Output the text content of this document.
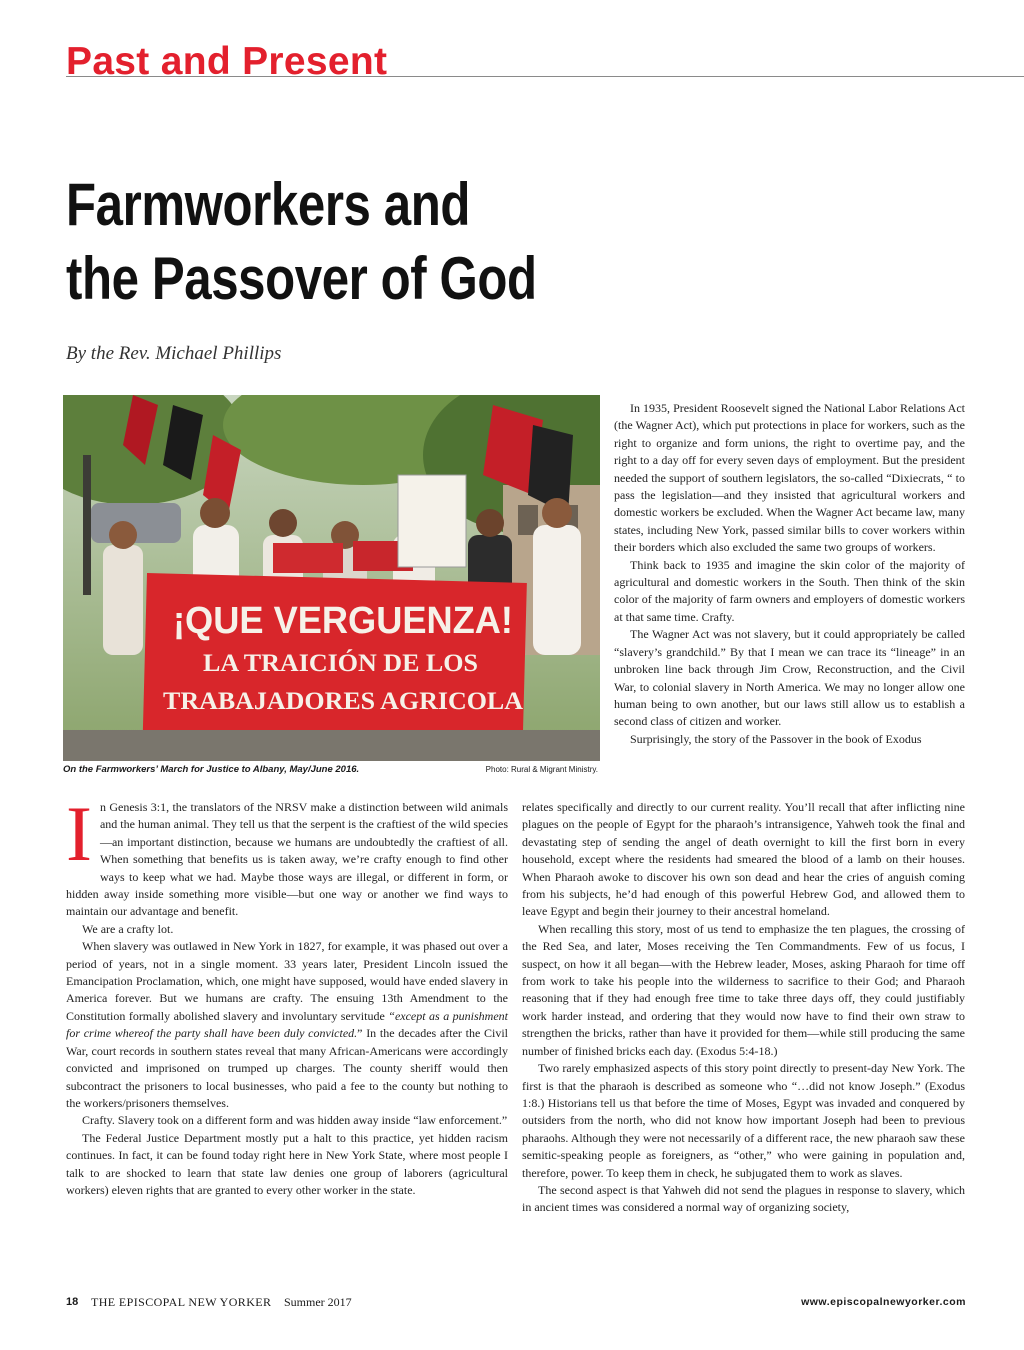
Past and Present
Farmworkers and
the Passover of God
By the Rev. Michael Phillips
¡QUE VERGUENZA!
LA TRAICIÓN DE LOS
TRABAJADORES AGRICOLA
On the Farmworkers’ March for Justice to Albany, May/June 2016.	Photo: Rural & Migrant Ministry.

In 1935, President Roosevelt signed the National Labor Relations Act (the Wagner Act), which put protections in place for workers, such as the right to organize and form unions, the right to overtime pay, and the right to a day off for every seven days of employment. But the president needed the support of southern legislators, the so-called “Dixiecrats, “ to pass the legislation—and they insisted that agricultural workers and domestic workers be excluded. When the Wagner Act became law, many states, including New York, passed similar bills to cover workers within their borders which also excluded the same two groups of workers.

Think back to 1935 and imagine the skin color of the majority of agricultural and domestic workers in the South. Then think of the skin color of the majority of farm owners and employers of domestic workers at that same time. Crafty.

The Wagner Act was not slavery, but it could appropriately be called “slavery’s grandchild.” By that I mean we can trace its “lineage” in an unbroken line back through Jim Crow, Reconstruction, and the Civil War, to colonial slavery in North America. We may no longer allow one human being to own another, but our laws still allow us to establish a second class of citizen and worker.

Surprisingly, the story of the Passover in the book of Exodus

In Genesis 3:1, the translators of the NRSV make a distinction between wild animals and the human animal. They tell us that the serpent is the craftiest of the wild species—an important distinction, because we humans are undoubtedly the craftiest of all. When something that benefits us is taken away, we’re crafty enough to find other ways to keep what we had. Maybe those ways are illegal, or different in form, or hidden away inside something more visible—but one way or another we find ways to maintain our advantage and benefit.

We are a crafty lot.

When slavery was outlawed in New York in 1827, for example, it was phased out over a period of years, not in a single moment. 33 years later, President Lincoln issued the Emancipation Proclamation, which, one might have supposed, would have ended slavery in America forever. But we humans are crafty. The ensuing 13th Amendment to the Constitution formally abolished slavery and involuntary servitude “except as a punishment for crime whereof the party shall have been duly convicted.” In the decades after the Civil War, court records in southern states reveal that many African-Americans were accordingly convicted and imprisoned on trumped up charges. The county sheriff would then subcontract the prisoners to local businesses, who paid a fee to the county but nothing to the workers/prisoners themselves.

Crafty. Slavery took on a different form and was hidden away inside “law enforcement.”

The Federal Justice Department mostly put a halt to this practice, yet hidden racism continues. In fact, it can be found today right here in New York State, where most people I talk to are shocked to learn that state law denies one group of laborers (agricultural workers) eleven rights that are granted to every other worker in the state.

relates specifically and directly to our current reality. You’ll recall that after inflicting nine plagues on the people of Egypt for the pharaoh’s intransigence, Yahweh took the final and devastating step of sending the angel of death overnight to kill the first born in every household, except where the residents had smeared the blood of a lamb on their houses. When Pharaoh awoke to discover his own son dead and hear the cries of anguish coming from his subjects, he’d had enough of this powerful Hebrew God, and allowed them to leave Egypt and begin their journey to their ancestral homeland.

When recalling this story, most of us tend to emphasize the ten plagues, the crossing of the Red Sea, and later, Moses receiving the Ten Commandments. Few of us focus, I suspect, on how it all began—with the Hebrew leader, Moses, asking Pharaoh for time off from work to take his people into the wilderness to sacrifice to their God; and Pharaoh reasoning that if they had enough free time to take three days off, they could justifiably work harder instead, and ordering that they would now have to find their own straw to strengthen the bricks, rather than have it provided for them—while still producing the same number of finished bricks each day. (Exodus 5:4-18.)

Two rarely emphasized aspects of this story point directly to present-day New York. The first is that the pharaoh is described as someone who “…did not know Joseph.” (Exodus 1:8.) Historians tell us that before the time of Moses, Egypt was invaded and conquered by outsiders from the north, who did not know how important Joseph had been to previous pharaohs. Although they were not necessarily of a different race, the new pharaoh saw these semitic-speaking people as foreigners, as “other,” who were gaining in population and, therefore, power. To keep them in check, he subjugated them to work as slaves.

The second aspect is that Yahweh did not send the plagues in response to slavery, which in ancient times was considered a normal way of organizing society,

18 THE EPISCOPAL NEW YORKER Summer 2017	www.episcopalnewyorker.com
